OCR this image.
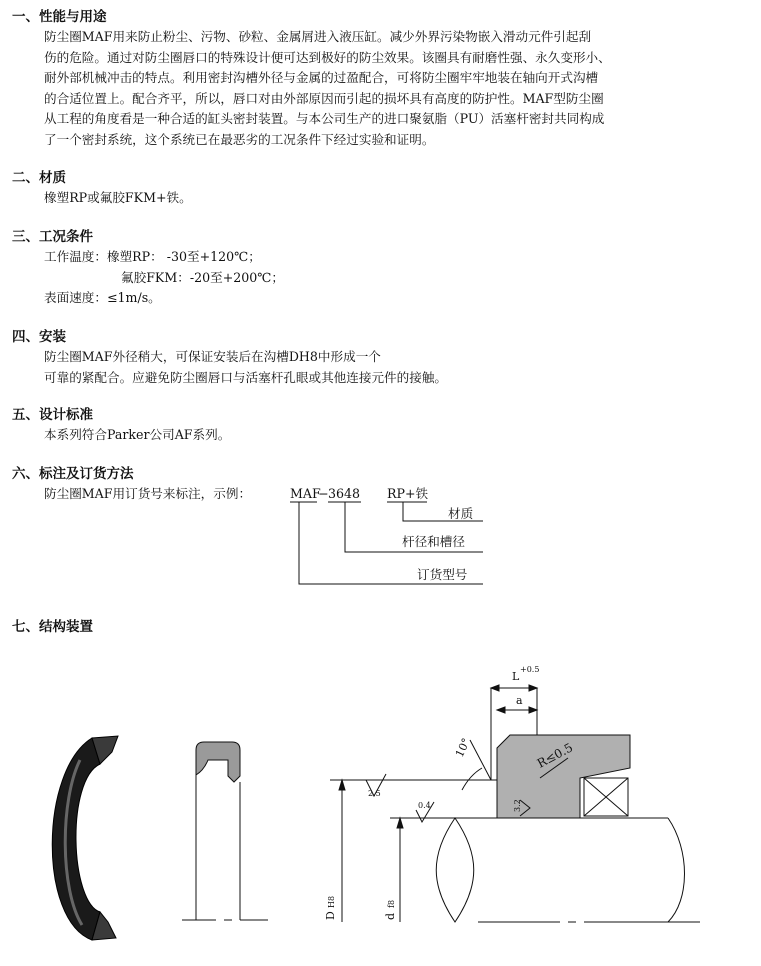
一、性能与用途
防尘圈MAF用来防止粉尘、污物、砂粒、金属屑进入液压缸。减少外界污染物嵌入滑动元件引起刮
伤的危险。通过对防尘圈唇口的特殊设计便可达到极好的防尘效果。该圈具有耐磨性强、永久变形小、
耐外部机械冲击的特点。利用密封沟槽外径与金属的过盈配合，可将防尘圈牢牢地装在轴向开式沟槽
的合适位置上。配合齐平，所以，唇口对由外部原因而引起的损坏具有高度的防护性。MAF型防尘圈
从工程的角度看是一种合适的缸头密封装置。与本公司生产的进口聚氨脂（PU）活塞杆密封共同构成
了一个密封系统，这个系统已在最恶劣的工况条件下经过实验和证明。
二、材质
橡塑RP或氟胶FKM+铁。
三、工况条件
工作温度：橡塑RP： -30至+120℃；
氟胶FKM：-20至+200℃；
表面速度：≤1m/s。
四、安装
防尘圈MAF外径稍大，可保证安装后在沟槽DH8中形成一个
可靠的紧配合。应避免防尘圈唇口与活塞杆孔眼或其他连接元件的接触。
五、设计标准
本系列符合Parker公司AF系列。
六、标注及订货方法
防尘圈MAF用订货号来标注，示例：	MAF
− 3648 RP+铁
材质
杆径和槽径
订货型号
七、结构装置
L
+0.5
a
10°	R≤0.5
2.5
0.4	3.2
D
H8
d
f8
